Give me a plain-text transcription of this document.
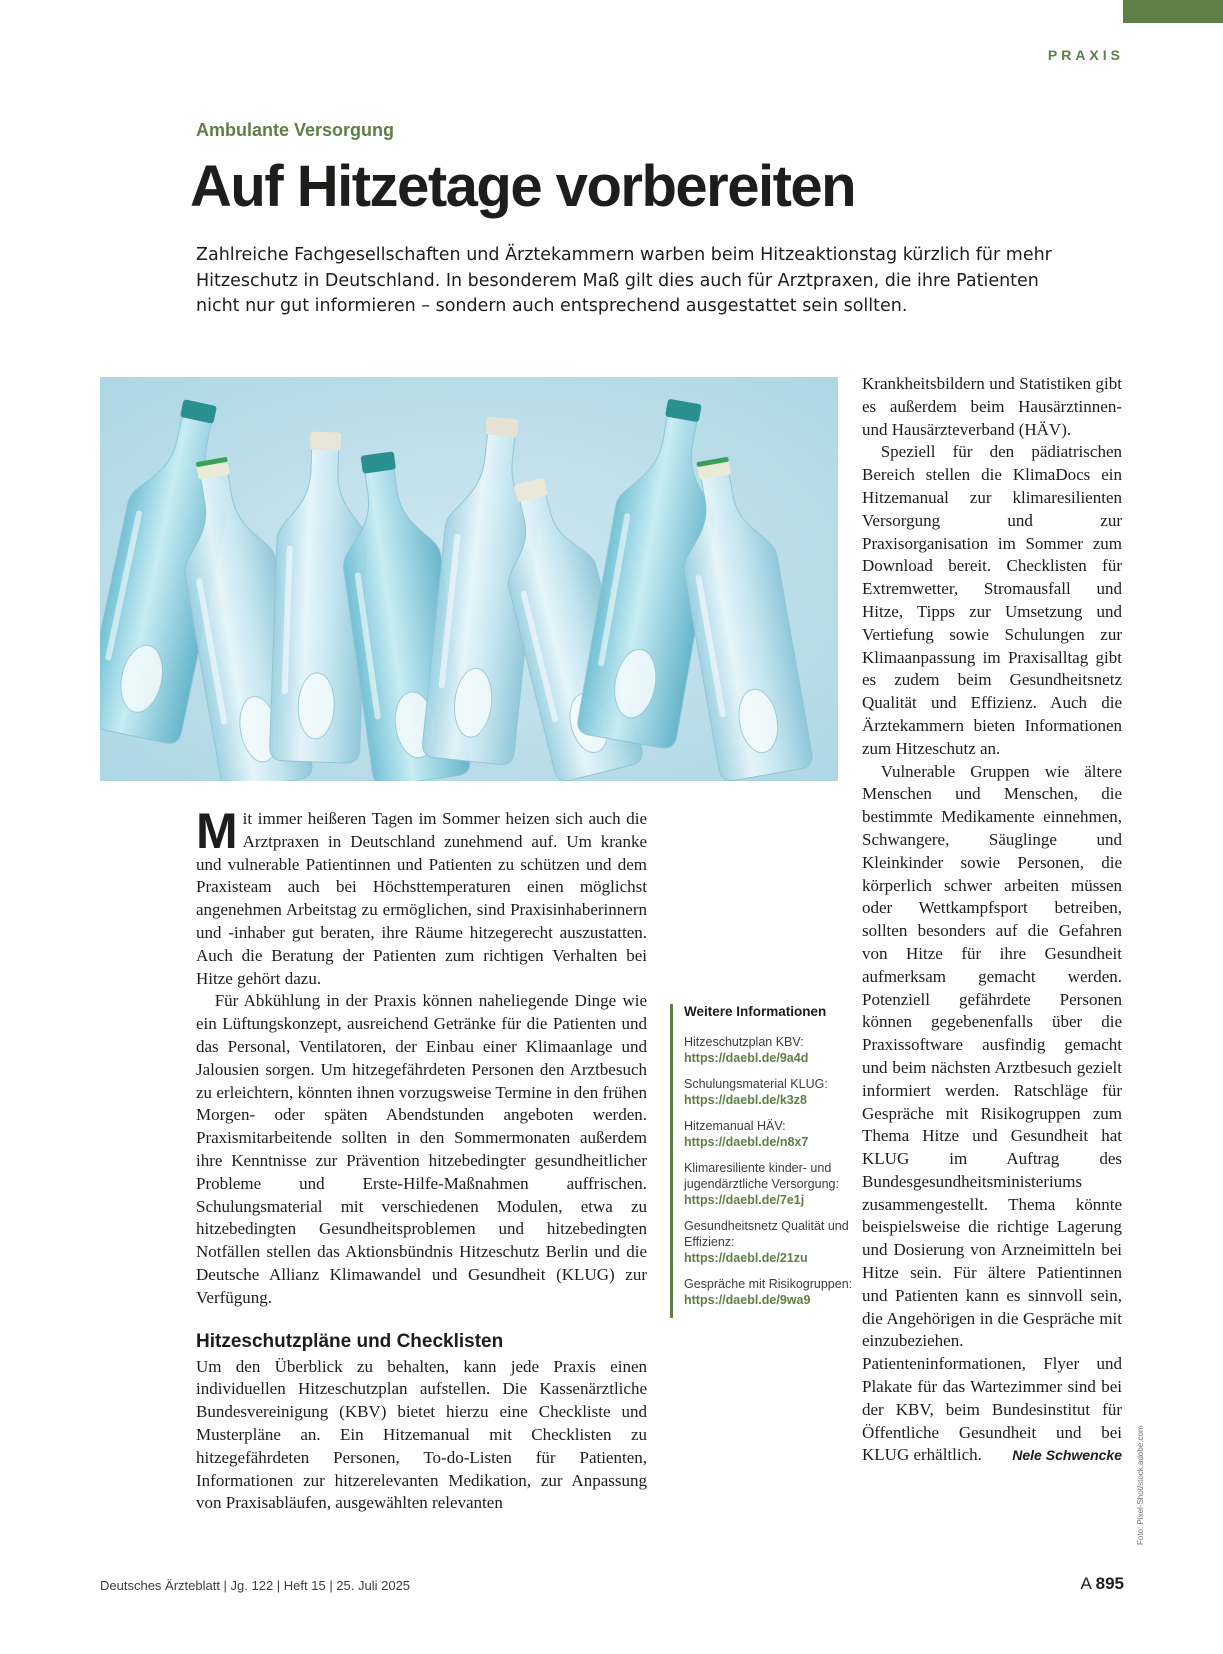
PRAXIS
Ambulante Versorgung
Auf Hitzetage vorbereiten

Zahlreiche Fachgesellschaften und Ärztekammern warben beim Hitzeaktionstag kürzlich für mehr Hitzeschutz in Deutschland. In besonderem Maß gilt dies auch für Arztpraxen, die ihre Patienten nicht nur gut informieren – sondern auch entsprechend ausgestattet sein sollten.

Mit immer heißeren Tagen im Sommer heizen sich auch die Arztpraxen in Deutschland zunehmend auf. Um kranke und vulnerable Patientinnen und Patienten zu schützen und dem Praxisteam auch bei Höchsttemperaturen einen möglichst angenehmen Arbeitstag zu ermöglichen, sind Praxisinhaberinnern und -inhaber gut beraten, ihre Räume hitzegerecht auszustatten. Auch die Beratung der Patienten zum richtigen Verhalten bei Hitze gehört dazu.

Für Abkühlung in der Praxis können naheliegende Dinge wie ein Lüftungskonzept, ausreichend Getränke für die Patienten und das Personal, Ventilatoren, der Einbau einer Klimaanlage und Jalousien sorgen. Um hitzegefährdeten Personen den Arztbesuch zu erleichtern, könnten ihnen vorzugsweise Termine in den frühen Morgen- oder späten Abendstunden angeboten werden. Praxismitarbeitende sollten in den Sommermonaten außerdem ihre Kenntnisse zur Prävention hitzebedingter gesundheitlicher Probleme und Erste-Hilfe-Maßnahmen auffrischen. Schulungsmaterial mit verschiedenen Modulen, etwa zu hitzebedingten Gesundheitsproblemen und hitzebedingten Notfällen stellen das Aktionsbündnis Hitzeschutz Berlin und die Deutsche Allianz Klimawandel und Gesundheit (KLUG) zur Verfügung.

Hitzeschutzpläne und Checklisten

Um den Überblick zu behalten, kann jede Praxis einen individuellen Hitzeschutzplan aufstellen. Die Kassenärztliche Bundesvereinigung (KBV) bietet hierzu eine Checkliste und Musterpläne an. Ein Hitzemanual mit Checklisten zu hitzegefährdeten Personen, To-do-Listen für Patienten, Informationen zur hitzerelevanten Medikation, zur Anpassung von Praxisabläufen, ausgewählten relevanten

Krankheitsbildern und Statistiken gibt es außerdem beim Hausärztinnen- und Hausärzteverband (HÄV).

Speziell für den pädiatrischen Bereich stellen die KlimaDocs ein Hitzemanual zur klimaresilienten Versorgung und zur Praxisorganisation im Sommer zum Download bereit. Checklisten für Extremwetter, Stromausfall und Hitze, Tipps zur Umsetzung und Vertiefung sowie Schulungen zur Klimaanpassung im Praxisalltag gibt es zudem beim Gesundheitsnetz Qualität und Effizienz. Auch die Ärztekammern bieten Informationen zum Hitzeschutz an.

Vulnerable Gruppen wie ältere Menschen und Menschen, die bestimmte Medikamente einnehmen, Schwangere, Säuglinge und Kleinkinder sowie Personen, die körperlich schwer arbeiten müssen oder Wettkampfsport betreiben, sollten besonders auf die Gefahren von Hitze für ihre Gesundheit aufmerksam gemacht werden. Potenziell gefährdete Personen können gegebenenfalls über die Praxissoftware ausfindig gemacht und beim nächsten Arztbesuch gezielt informiert werden. Ratschläge für Gespräche mit Risikogruppen zum Thema Hitze und Gesundheit hat KLUG im Auftrag des Bundesgesundheitsministeriums zusammengestellt. Thema könnte beispielsweise die richtige Lagerung und Dosierung von Arzneimitteln bei Hitze sein. Für ältere Patientinnen und Patienten kann es sinnvoll sein, die Angehörigen in die Gespräche mit einzubeziehen. Patienteninformationen, Flyer und Plakate für das Wartezimmer sind bei der KBV, beim Bundesinstitut für Öffentliche Gesundheit und bei KLUG erhältlich.	Nele Schwencke

Weitere Informationen
Hitzeschutzplan KBV:
https://daebl.de/9a4d
Schulungsmaterial KLUG:
https://daebl.de/k3z8
Hitzemanual HÄV:
https://daebl.de/n8x7
Klimaresiliente kinder- und jugendärztliche Versorgung:
https://daebl.de/7e1j
Gesundheitsnetz Qualität und Effizienz:
https://daebl.de/21zu
Gespräche mit Risikogruppen:
https://daebl.de/9wa9
Foto: Pixel-Shot/stock.adobe.com
Deutsches Ärzteblatt | Jg. 122 | Heft 15 | 25. Juli 2025	A 895
